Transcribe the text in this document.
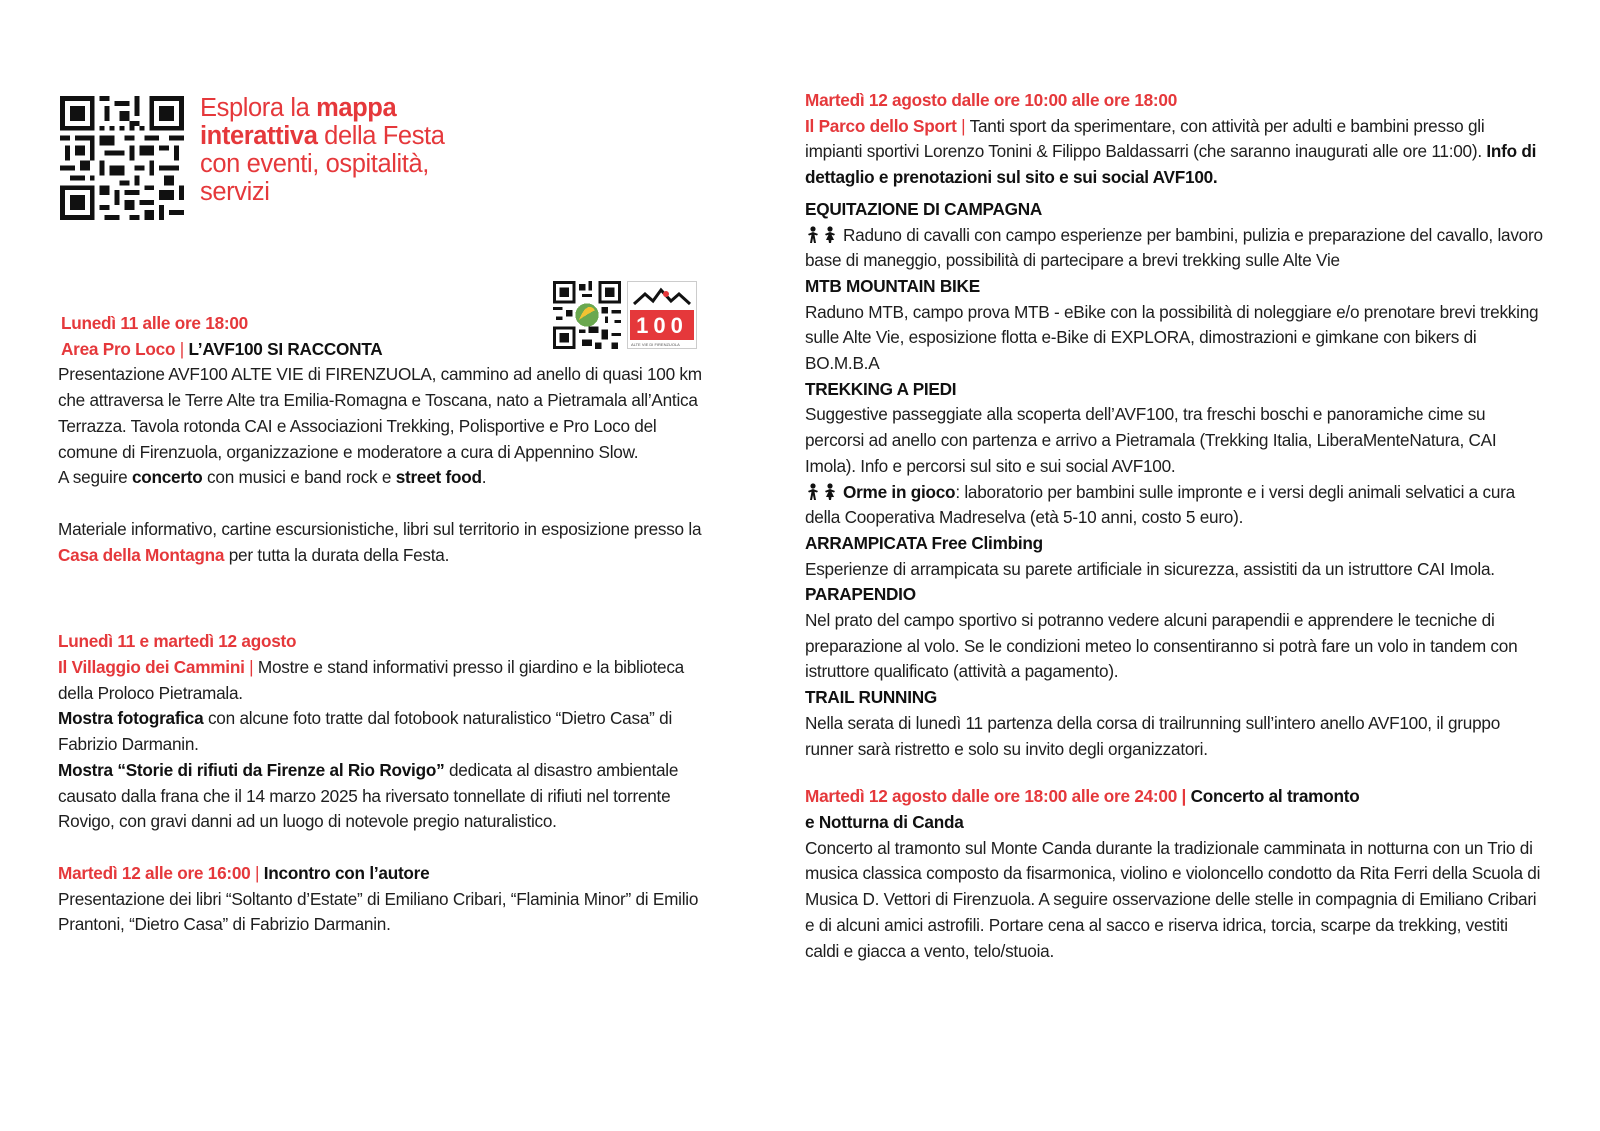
Esplora la mappa
interattiva della Festa con eventi, ospitalità, servizi
100
ALTE VIE DI FIRENZUOLA

Lunedì 11 alle ore 18:00

Area Pro Loco | L’AVF100 SI RACCONTA

Presentazione AVF100 ALTE VIE di FIRENZUOLA, cammino ad anello di quasi 100 km che attraversa le Terre Alte tra Emilia-Romagna e Toscana, nato a Pietramala all’Antica Terrazza. Tavola rotonda CAI e Associazioni Trekking, Polisportive e Pro Loco del comune di Firenzuola, organizzazione e moderatore a cura di Appennino Slow.

A seguire concerto con musici e band rock e street food.

Materiale informativo, cartine escursionistiche, libri sul territorio in esposizione presso la Casa della Montagna per tutta la durata della Festa.

Lunedì 11 e martedì 12 agosto

Il Villaggio dei Cammini | Mostre e stand informativi presso il giardino e la biblioteca della Proloco Pietramala.

Mostra fotografica con alcune foto tratte dal fotobook naturalistico “Dietro Casa” di Fabrizio Darmanin.

Mostra “Storie di rifiuti da Firenze al Rio Rovigo” dedicata al disastro ambientale causato dalla frana che il 14 marzo 2025 ha riversato tonnellate di rifiuti nel torrente Rovigo, con gravi danni ad un luogo di notevole pregio naturalistico.

Martedì 12 alle ore 16:00 | Incontro con l’autore

Presentazione dei libri “Soltanto d’Estate” di Emiliano Cribari, “Flaminia Minor” di Emilio Prantoni, “Dietro Casa” di Fabrizio Darmanin.

Martedì 12 agosto dalle ore 10:00 alle ore 18:00

Il Parco dello Sport | Tanti sport da sperimentare, con attività per adulti e bambini presso gli impianti sportivi Lorenzo Tonini & Filippo Baldassarri (che saranno inaugurati alle ore 11:00). Info di dettaglio e prenotazioni sul sito e sui social AVF100.

EQUITAZIONE DI CAMPAGNA

Raduno di cavalli con campo esperienze per bambini, pulizia e preparazione del cavallo, lavoro base di maneggio, possibilità di partecipare a brevi trekking sulle Alte Vie

MTB MOUNTAIN BIKE

Raduno MTB, campo prova MTB - eBike con la possibilità di noleggiare e/o prenotare brevi trekking sulle Alte Vie, esposizione flotta e-Bike di EXPLORA, dimostrazioni e gimkane con bikers di BO.M.B.A

TREKKING A PIEDI

Suggestive passeggiate alla scoperta dell’AVF100, tra freschi boschi e panoramiche cime su percorsi ad anello con partenza e arrivo a Pietramala (Trekking Italia, LiberaMenteNatura, CAI Imola). Info e percorsi sul sito e sui social AVF100.

Orme in gioco: laboratorio per bambini sulle impronte e i versi degli animali selvatici a cura della Cooperativa Madreselva (età 5-10 anni, costo 5 euro).

ARRAMPICATA Free Climbing

Esperienze di arrampicata su parete artificiale in sicurezza, assistiti da un istruttore CAI Imola.

PARAPENDIO

Nel prato del campo sportivo si potranno vedere alcuni parapendii e apprendere le tecniche di preparazione al volo. Se le condizioni meteo lo consentiranno si potrà fare un volo in tandem con istruttore qualificato (attività a pagamento).

TRAIL RUNNING

Nella serata di lunedì 11 partenza della corsa di trailrunning sull’intero anello AVF100, il gruppo runner sarà ristretto e solo su invito degli organizzatori.

Martedì 12 agosto dalle ore 18:00 alle ore 24:00 | Concerto al tramonto

e Notturna di Canda

Concerto al tramonto sul Monte Canda durante la tradizionale camminata in notturna con un Trio di musica classica composto da fisarmonica, violino e violoncello condotto da Rita Ferri della Scuola di Musica D. Vettori di Firenzuola. A seguire osservazione delle stelle in compagnia di Emiliano Cribari e di alcuni amici astrofili. Portare cena al sacco e riserva idrica, torcia, scarpe da trekking, vestiti caldi e giacca a vento, telo/stuoia.
